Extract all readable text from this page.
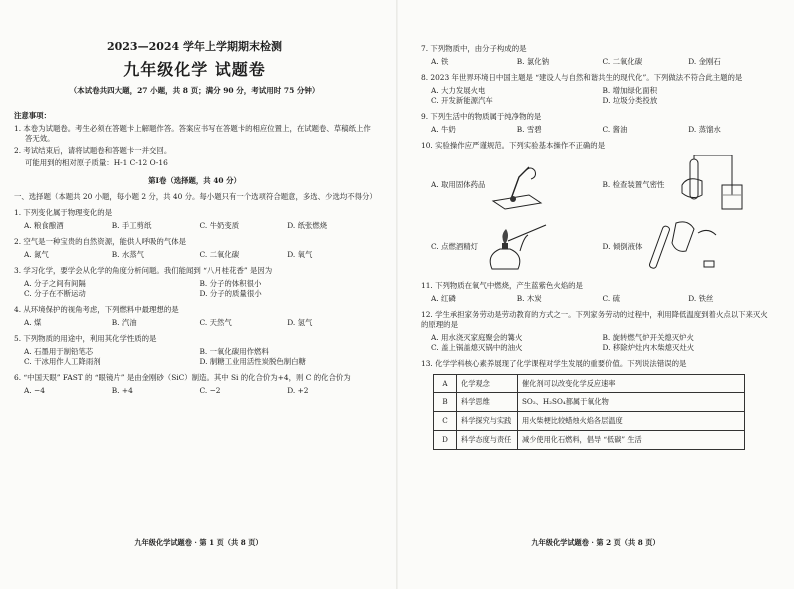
2023—2024 学年上学期期末检测
九年级化学 试题卷
（本试卷共四大题，27 小题，共 8 页；满分 90 分，考试用时 75 分钟）
注意事项：

1. 本卷为试题卷。考生必须在答题卡上解题作答。答案应书写在答题卡的相应位置上，在试题卷、草稿纸上作答无效。

2. 考试结束后，请将试题卷和答题卡一并交回。

可能用到的相对原子质量：H-1 C-12 O-16

第Ⅰ卷（选择题，共 40 分）

一、选择题（本题共 20 小题，每小题 2 分，共 40 分。每小题只有一个选项符合题意，多选、少选均不得分）

1. 下列变化属于物理变化的是

A. 粮食酿酒	B. 手工剪纸	C. 牛奶变质	D. 纸张燃烧

2. 空气是一种宝贵的自然资源，能供人呼吸的气体是

A. 氮气	B. 水蒸气	C. 二氧化碳	D. 氧气

3. 学习化学，要学会从化学的角度分析问题。我们能闻到 “八月桂花香” 是因为

A. 分子之间有间隔	B. 分子的体积很小
C. 分子在不断运动	D. 分子的质量很小

4. 从环境保护的视角考虑，下列燃料中最理想的是

A. 煤	B. 汽油	C. 天然气	D. 氢气

5. 下列物质的用途中，利用其化学性质的是

A. 石墨用于制铅笔芯	B. 一氧化碳用作燃料
C. 干冰用作人工降雨剂	D. 制糖工业用活性炭脱色制白糖

6. “中国天眼” FAST 的 “眼镜片” 是由金刚砂（SiC）制造。其中 Si 的化合价为+4，则 C 的化合价为

A. −4	B. +4	C. −2	D. +2
九年级化学试题卷 · 第 1 页（共 8 页）

7. 下列物质中，由分子构成的是

A. 铁	B. 氯化钠	C. 二氧化碳	D. 金刚石

8. 2023 年世界环境日中国主题是 “建设人与自然和谐共生的现代化”。下列做法不符合此主题的是

A. 大力发展火电	B. 增加绿化面积
C. 开发新能源汽车	D. 垃圾分类投放

9. 下列生活中的物质属于纯净物的是

A. 牛奶	B. 雪碧	C. 酱油	D. 蒸馏水

10. 实验操作应严谨规范。下列实验基本操作不正确的是

A. 取用固体药品	B. 检查装置气密性
C. 点燃酒精灯	D. 倾倒液体

11. 下列物质在氧气中燃烧，产生蓝紫色火焰的是

A. 红磷	B. 木炭	C. 硫	D. 铁丝

12. 学生承担家务劳动是劳动教育的方式之一。下列家务劳动的过程中，利用降低温度到着火点以下来灭火的原理的是

A. 用水浇灭家庭聚会的篝火	B. 旋转燃气炉开关熄灭炉火
C. 盖上锅盖熄灭锅中的油火	D. 移除炉灶内木柴熄灭灶火

13. 化学学科核心素养展现了化学课程对学生发展的重要价值。下列说法错误的是

A	化学观念	催化剂可以改变化学反应速率
B	科学思维	SO₂、H₂SO₄都属于氧化物
C	科学探究与实践	用火柴梗比较蜡烛火焰各层温度
D	科学态度与责任	减少使用化石燃料，倡导 “低碳” 生活
九年级化学试题卷 · 第 2 页（共 8 页）
